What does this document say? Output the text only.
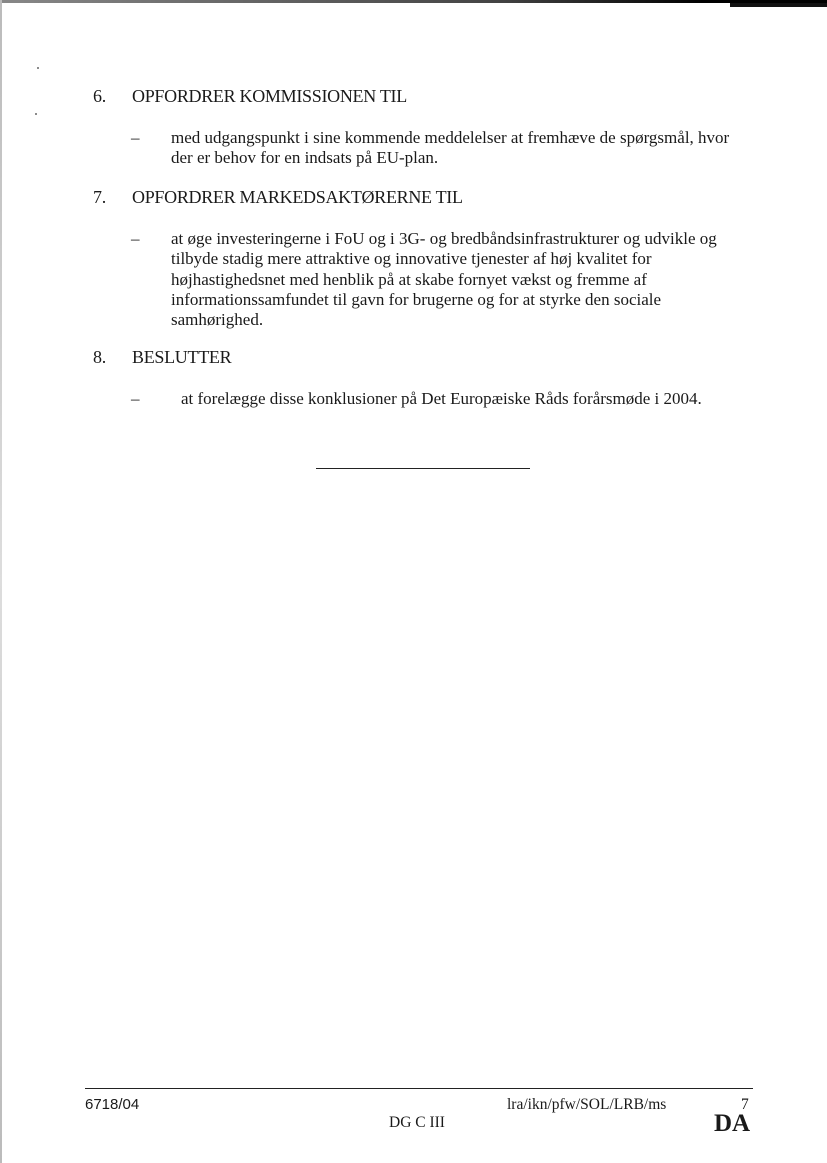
6.	OPFORDRER KOMMISSIONEN TIL
–	med udgangspunkt i sine kommende meddelelser at fremhæve de spørgsmål, hvor der er behov for en indsats på EU-plan.
7.	OPFORDRER MARKEDSAKTØRERNE TIL
–	at øge investeringerne i FoU og i 3G- og bredbåndsinfrastrukturer og udvikle og tilbyde stadig mere attraktive og innovative tjenester af høj kvalitet for højhastighedsnet med henblik på at skabe fornyet vækst og fremme af informationssamfundet til gavn for brugerne og for at styrke den sociale samhørighed.
8.	BESLUTTER
–	at forelægge disse konklusioner på Det Europæiske Råds forårsmøde i 2004.
6718/04	lra/ikn/pfw/SOL/LRB/ms	7
DG C III	DA
